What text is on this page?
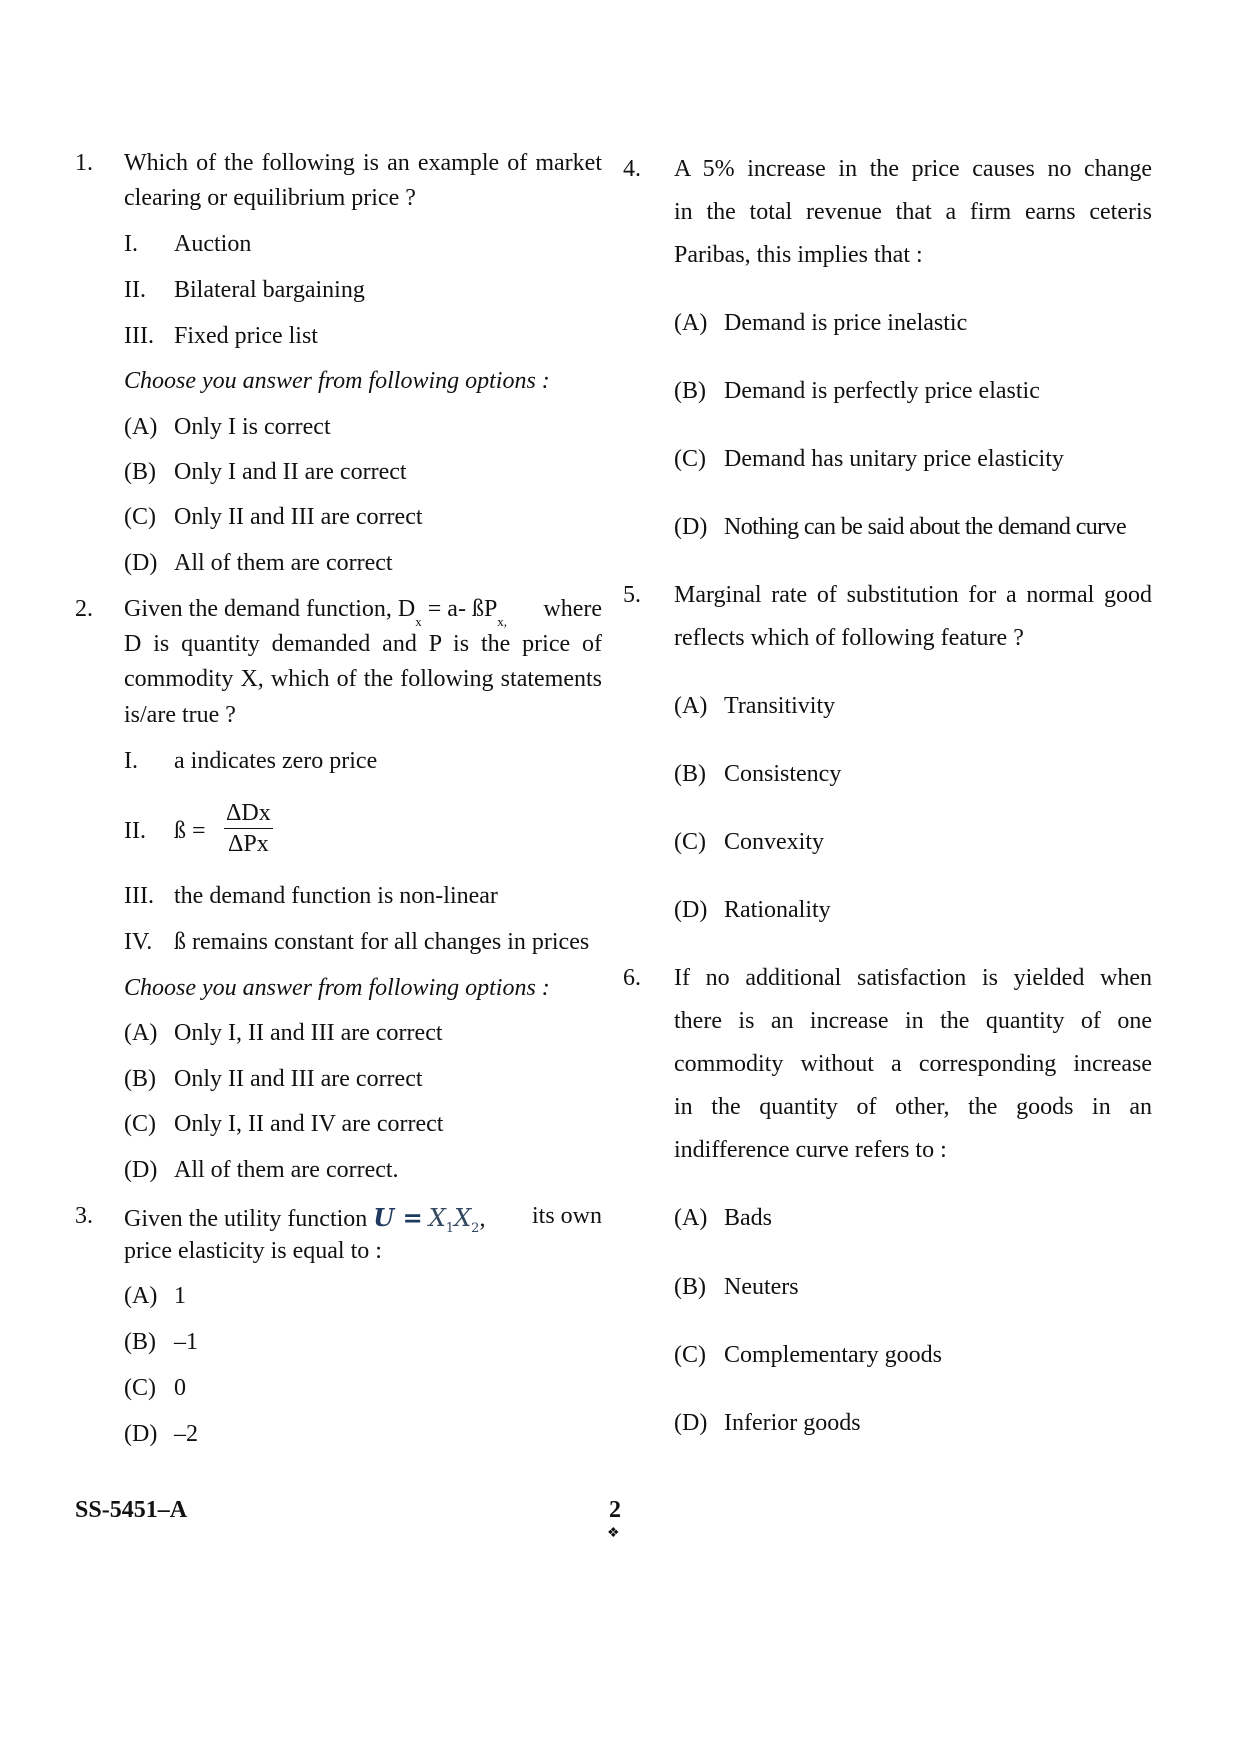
1. Which of the following is an example of market
clearing or equilibrium price ?
I. Auction
II. Bilateral bargaining
III. Fixed price list
Choose you answer from following options :
(A) Only I is correct
(B) Only I and II are correct
(C) Only II and III are correct
(D) All of them are correct
2. Given the demand function, $D_x = a-$ $ßP_{x,}$ where
D is quantity demanded and P is the price of
commodity X, which of the following statements
is/are true ?
I. a indicates zero price
II. ß =
ΔDx
ΔPx
III. the demand function is non-linear
IV. ß remains constant for all changes in prices
Choose you answer from following options :
(A) Only I, II and III are correct
(B) Only II and III are correct
(C) Only I, II and IV are correct
(D) All of them are correct.
3. Given the utility function $U = X_1X_2$, its own
price elasticity is equal to :
(A) 1
(B) –1
(C) 0
(D) –2
4. A 5% increase in the price causes no change
in the total revenue that a firm earns ceteris
Paribas, this implies that :
(A) Demand is price inelastic
(B) Demand is perfectly price elastic
(C) Demand has unitary price elasticity
(D) Nothing can be said about the demand curve
5. Marginal rate of substitution for a normal good
reflects which of following feature ?
(A) Transitivity
(B) Consistency
(C) Convexity
(D) Rationality
6. If no additional satisfaction is yielded when
there is an increase in the quantity of one
commodity without a corresponding increase
in the quantity of other, the goods in an
indifference curve refers to :
(A) Bads
(B) Neuters
(C) Complementary goods
(D) Inferior goods
SS-5451–A	2
❖
